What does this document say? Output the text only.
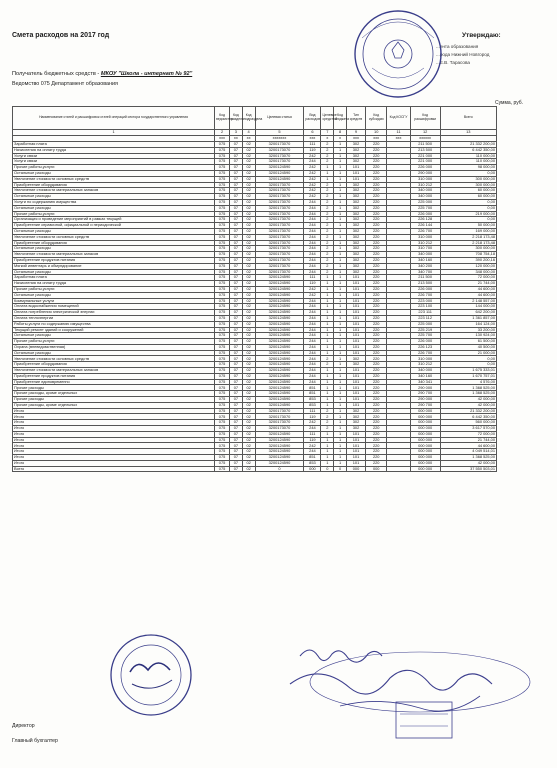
Смета расходов на 2017 год	Утверждаю:
...ента образования
...рода Нижний Новгород
...Е.В. Тарасова
Получатель бюджетных средств - МКОУ "Школа - интернат № 92"
Ведомство 075 Департамент образования
Сумма, руб.
Наименование статей и расшифровок статей операций сектора государственного управления	Код ведомства	Код раздела	Код подраздела	Целевая статья	Вид расходов	Целевые средства	Код бюджета	Тип средств	Код субсидии	Код КОСГУ	Код расшифровки	Всего
1	2	3	4	5	6	7	8	9	10	11	12	13
	ххх	хх	хх	ххххххх	ххх	х	х	ххх	ххх	ххх	хххххх	
Заработная плата	075	07	02	3200173070	111	2	1	302	220		211 500	21 332 200,00
Начисления на оплату труда	075	07	02	3200173070	119	2	1	302	220		213 500	6 442 350,00
Услуги связи	075	07	02	3200173070	242	2	1	302	220		221 000	110 000,00
Услуги связи	075	07	02	3200173070	244	2	1	302	220		221 000	110 000,00
Прочие работы,услуги	075	07	02	3200124590	242	1	1	101	220		226 000	98 000,00
Остальные расходы	075	07	02	3200124590	242	1	1	101	220		290 000	0,00
Увеличение стоимости основных средств	075	07	02	3200124590	242	1	1	101	220		310 000	300 000,00
Приобретение оборудования	075	07	02	3200173070	242	2	1	302	220		310 212	300 000,00
Увеличение стоимости материальных запасов	075	07	02	3200173070	242	2	1	302	220		340 000	60 000,00
Остальные расходы	075	07	02	3200173070	242	2	1	302	220		340 000	60 000,00
Услуги по содержанию имущества	075	07	02	3200173070	244	2	1	302	220		225 000	0,00
Остальные расходы	075	07	02	3200173070	244	2	1	302	220		225 700	0,00
Прочие работы,услуги	075	07	02	3200173070	244	2	1	302	220		226 000	219 000,00
Организация и проведение мероприятий в рамках текущей	075	07	02	3200173070	244	2	1	302	220		226 128	0,00
Приобретение справочной, официальной и периодической	075	07	02	3200173070	244	2	1	302	220		226 144	50 000,00
Остальные расходы	075	07	02	3200173070	244	2	1	302	220		226 700	169 000,00
Увеличение стоимости основных средств	075	07	02	3200173070	244	2	1	302	220		310 000	2 218 173,48
Приобретение оборудования	075	07	02	3200173070	244	2	1	302	220		310 212	2 218 173,48
Остальные расходы	075	07	02	3200173070	244	2	1	302	220		310 700	300 000,00
Увеличение стоимости материальных запасов	075	07	02	3200173070	244	2	1	302	220		340 000	708 754,18
Приобретение продуктов питания	075	07	02	3200173070	244	2	1	302	220		340 160	390 200,16
Мягкий инвентарь и обмундирование	075	07	02	3200173070	244	2	1	302	220		340 200	120 000,00
Остальные расходы	075	07	02	3200173070	244	2	1	302	220		340 700	348 000,00
Заработная плата	075	07	02	3200124590	111	1	1	101	220		211 500	72 000,00
Начисления на оплату труда	075	07	02	3200124590	119	1	1	101	220		213 500	21 744,00
Прочие работы,услуги	075	07	02	3200124590	242	1	1	101	220		226 000	44 600,00
Остальные расходы	075	07	02	3200124590	242	1	1	101	220		226 700	44 600,00
Коммунальные услуги	075	07	02	3200124590	244	1	1	101	220		223 000	2 148 557,00
Оплата водоснабжения помещений	075	07	02	3200124590	244	1	1	101	220		223 100	144 000,00
Оплата потребления электрической энергии	075	07	02	3200124590	244	1	1	101	220		223 111	642 200,00
Оплата теплоэнергии	075	07	02	3200124590	244	1	1	101	220		223 112	1 361 857,00
Работы,услуги по содержанию имущества	075	07	02	3200124590	244	1	1	101	220		225 000	164 124,00
Текущий ремонт зданий и сооружений	075	07	02	3200124590	244	1	1	101	220		225 219	33 200,00
Остальные расходы	075	07	02	3200124590	244	1	1	101	220		225 700	130 924,00
Прочие работы,услуги	075	07	02	3200124590	244	1	1	101	220		226 000	61 500,00
Охрана (вневедомственная)	075	07	02	3200124590	244	1	1	101	220		226 123	40 500,00
Остальные расходы	075	07	02	3200124590	244	1	1	101	220		226 700	21 000,00
Увеличение стоимости основных средств	075	07	02	3200124590	244	2	1	302	220		310 000	0,00
Приобретение оборудования	075	07	02	3200124590	244	2	1	302	220		310 212	0,00
Увеличение стоимости материальных запасов	075	07	02	3200124590	244	1	1	101	220		340 000	1 675 333,01
Приобретение продуктов питания	075	07	02	3200124590	244	1	1	101	220		340 160	1 670 757,01
Приобретение единовременно	075	07	02	3200124590	244	1	1	101	220		340 341	4 576,00
Прочие расходы	075	07	02	3200124590	851	1	1	101	220		290 000	1 368 525,00
Прочие расходы, кроме отдельных	075	07	02	3200124590	851	1	1	101	220		290 700	1 368 525,00
Прочие расходы	075	07	02	3200124590	853	1	1	101	220		290 000	42 000,00
Прочие расходы, кроме отдельных	075	07	02	3200124590	853	1	1	101	220		290 700	42 000,00
Итого	075	07	02	3200173070	111	2	1	302	220		000 000	21 332 200,00
Итого	075	07	02	3200173070	119	2	1	302	220		000 000	6 442 350,00
Итого	075	07	02	3200173070	242	2	1	302	220		000 000	560 000,00
Итого	075	07	02	3200173070	244	2	1	302	220		000 000	3 617 570,00
Итого	075	07	02	3200124590	111	1	1	101	220		000 000	72 000,00
Итого	075	07	02	3200124590	119	1	1	101	220		000 000	21 744,00
Итого	075	07	02	3200124590	242	1	1	101	220		000 000	44 600,00
Итого	075	07	02	3200124590	244	1	1	101	220		000 000	4 049 514,01
Итого	075	07	02	3200124590	851	1	1	101	220		000 000	1 368 525,00
Итого	075	07	02	3200124590	853	1	1	101	220		000 000	42 000,00
Всего	075	07	02	0	000	0	0	000	000		000 000	37 550 503,01
Директор
Главный бухгалтер
